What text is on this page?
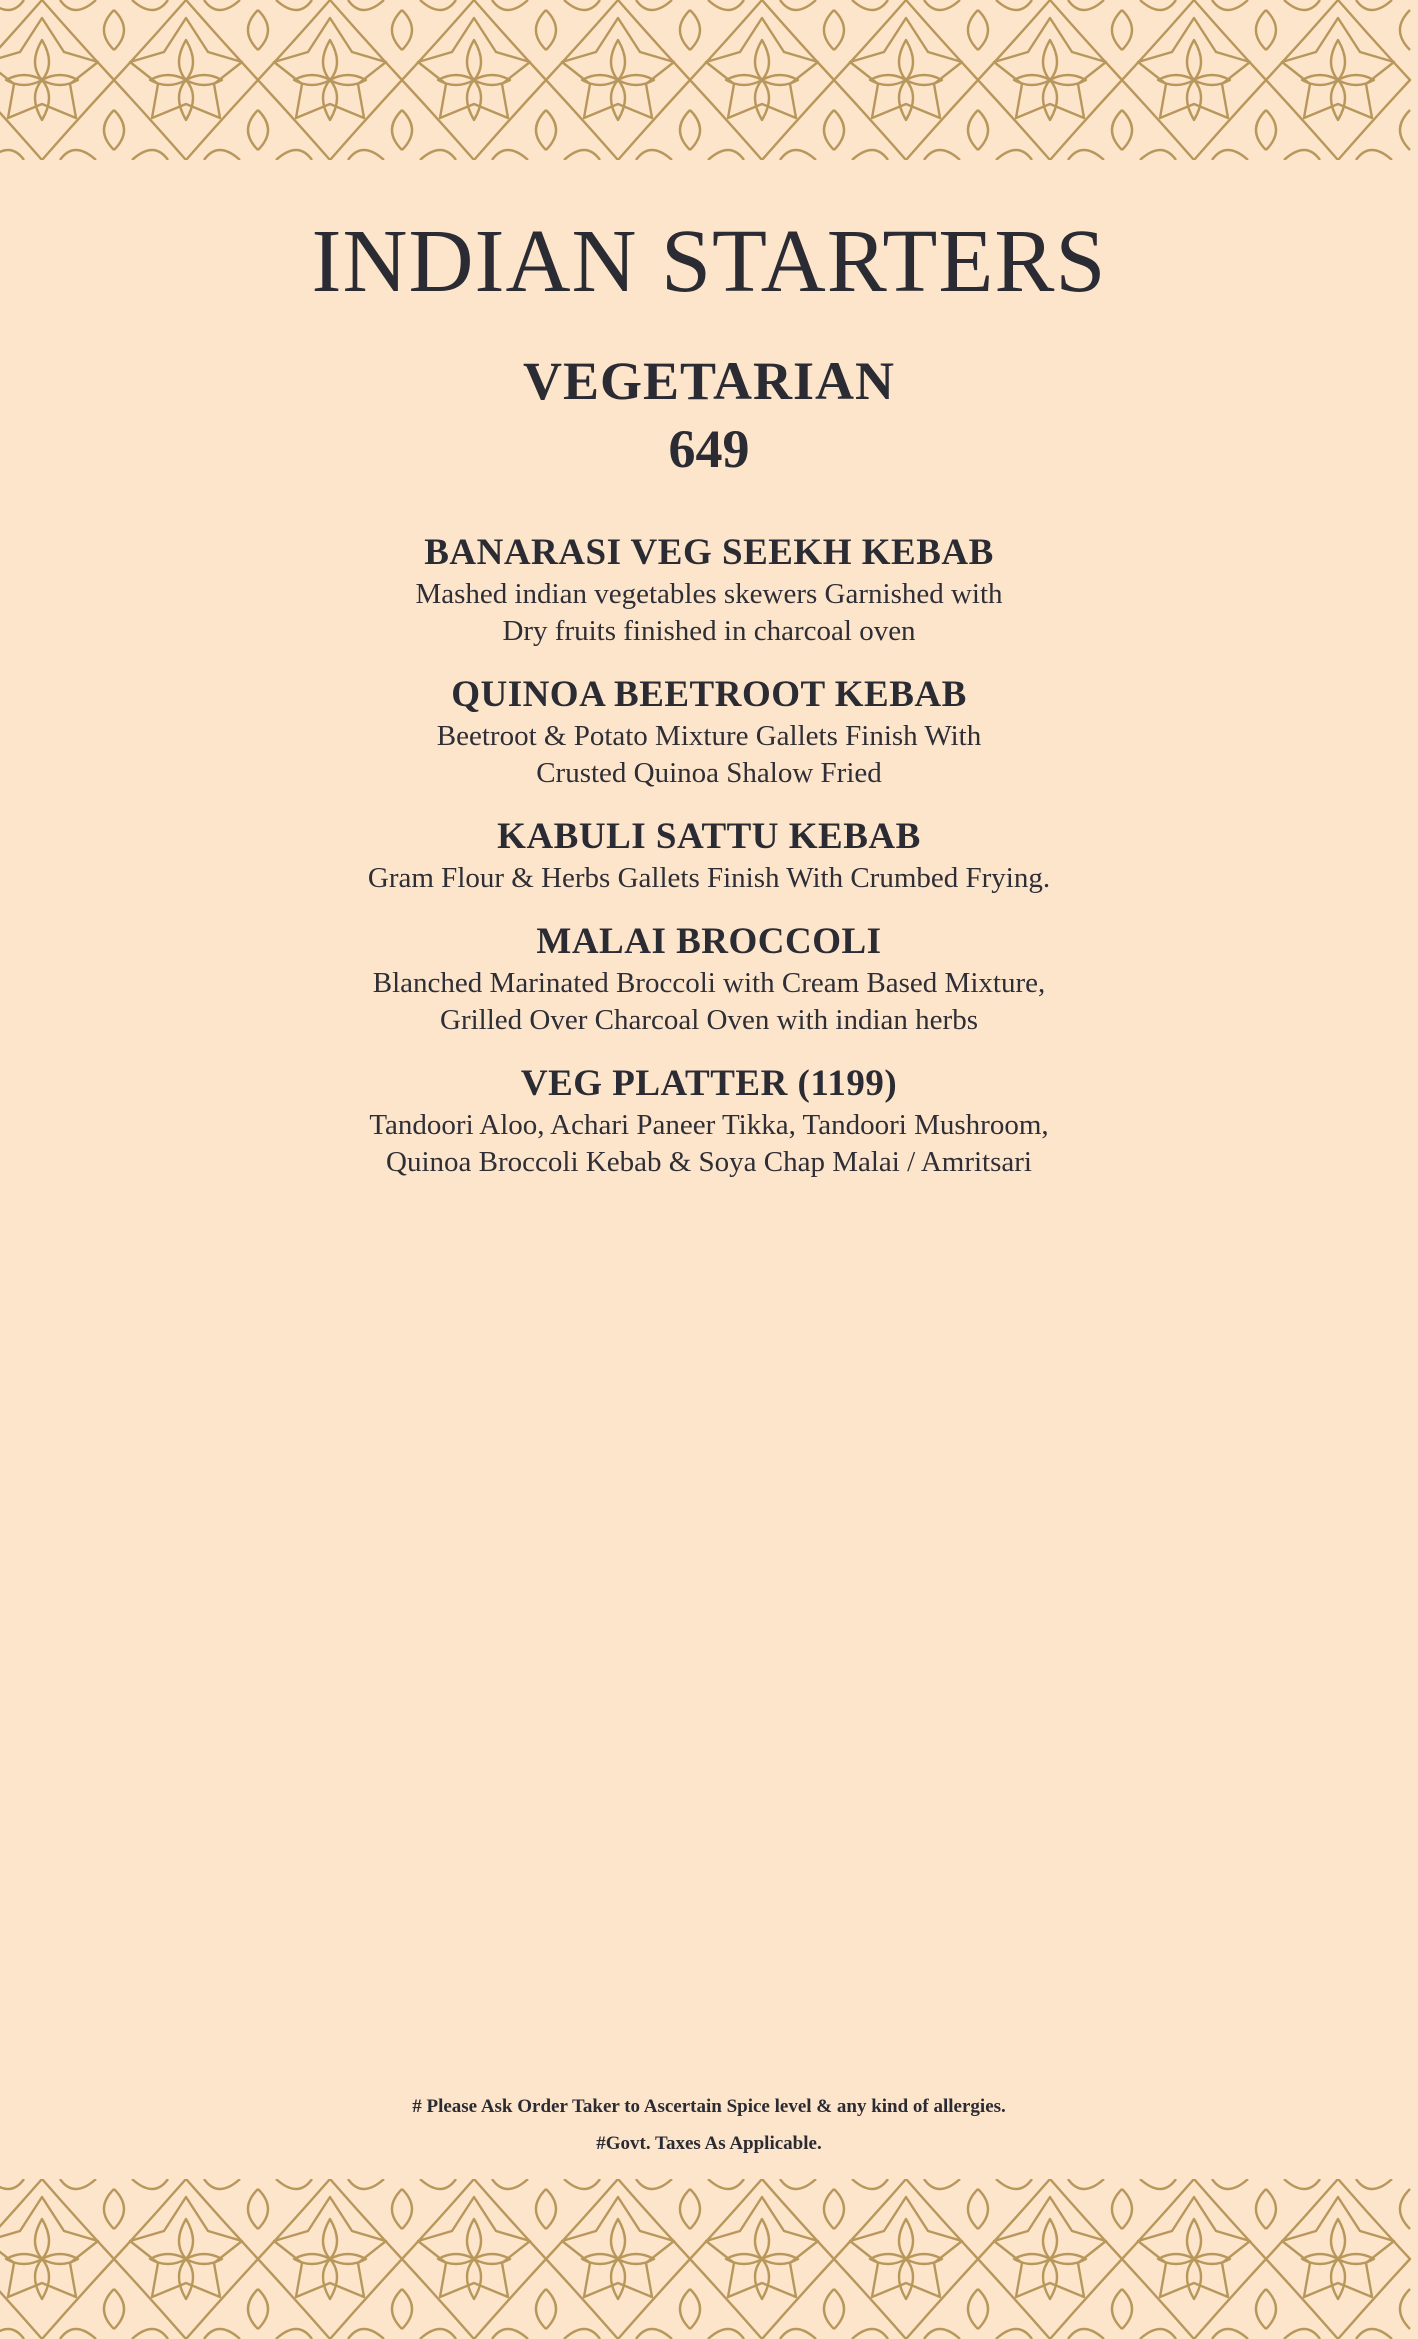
INDIAN STARTERS
VEGETARIAN
649
BANARASI VEG SEEKH KEBAB
Mashed indian vegetables skewers Garnished with
Dry fruits finished in charcoal oven
QUINOA BEETROOT KEBAB
Beetroot & Potato Mixture Gallets Finish With
Crusted Quinoa Shalow Fried
KABULI SATTU KEBAB
Gram Flour & Herbs Gallets Finish With Crumbed Frying.
MALAI BROCCOLI
Blanched Marinated Broccoli with Cream Based Mixture,
Grilled Over Charcoal Oven with indian herbs
VEG PLATTER (1199)
Tandoori Aloo, Achari Paneer Tikka, Tandoori Mushroom,
Quinoa Broccoli Kebab & Soya Chap Malai / Amritsari
# Please Ask Order Taker to Ascertain Spice level & any kind of allergies.
#Govt. Taxes As Applicable.
